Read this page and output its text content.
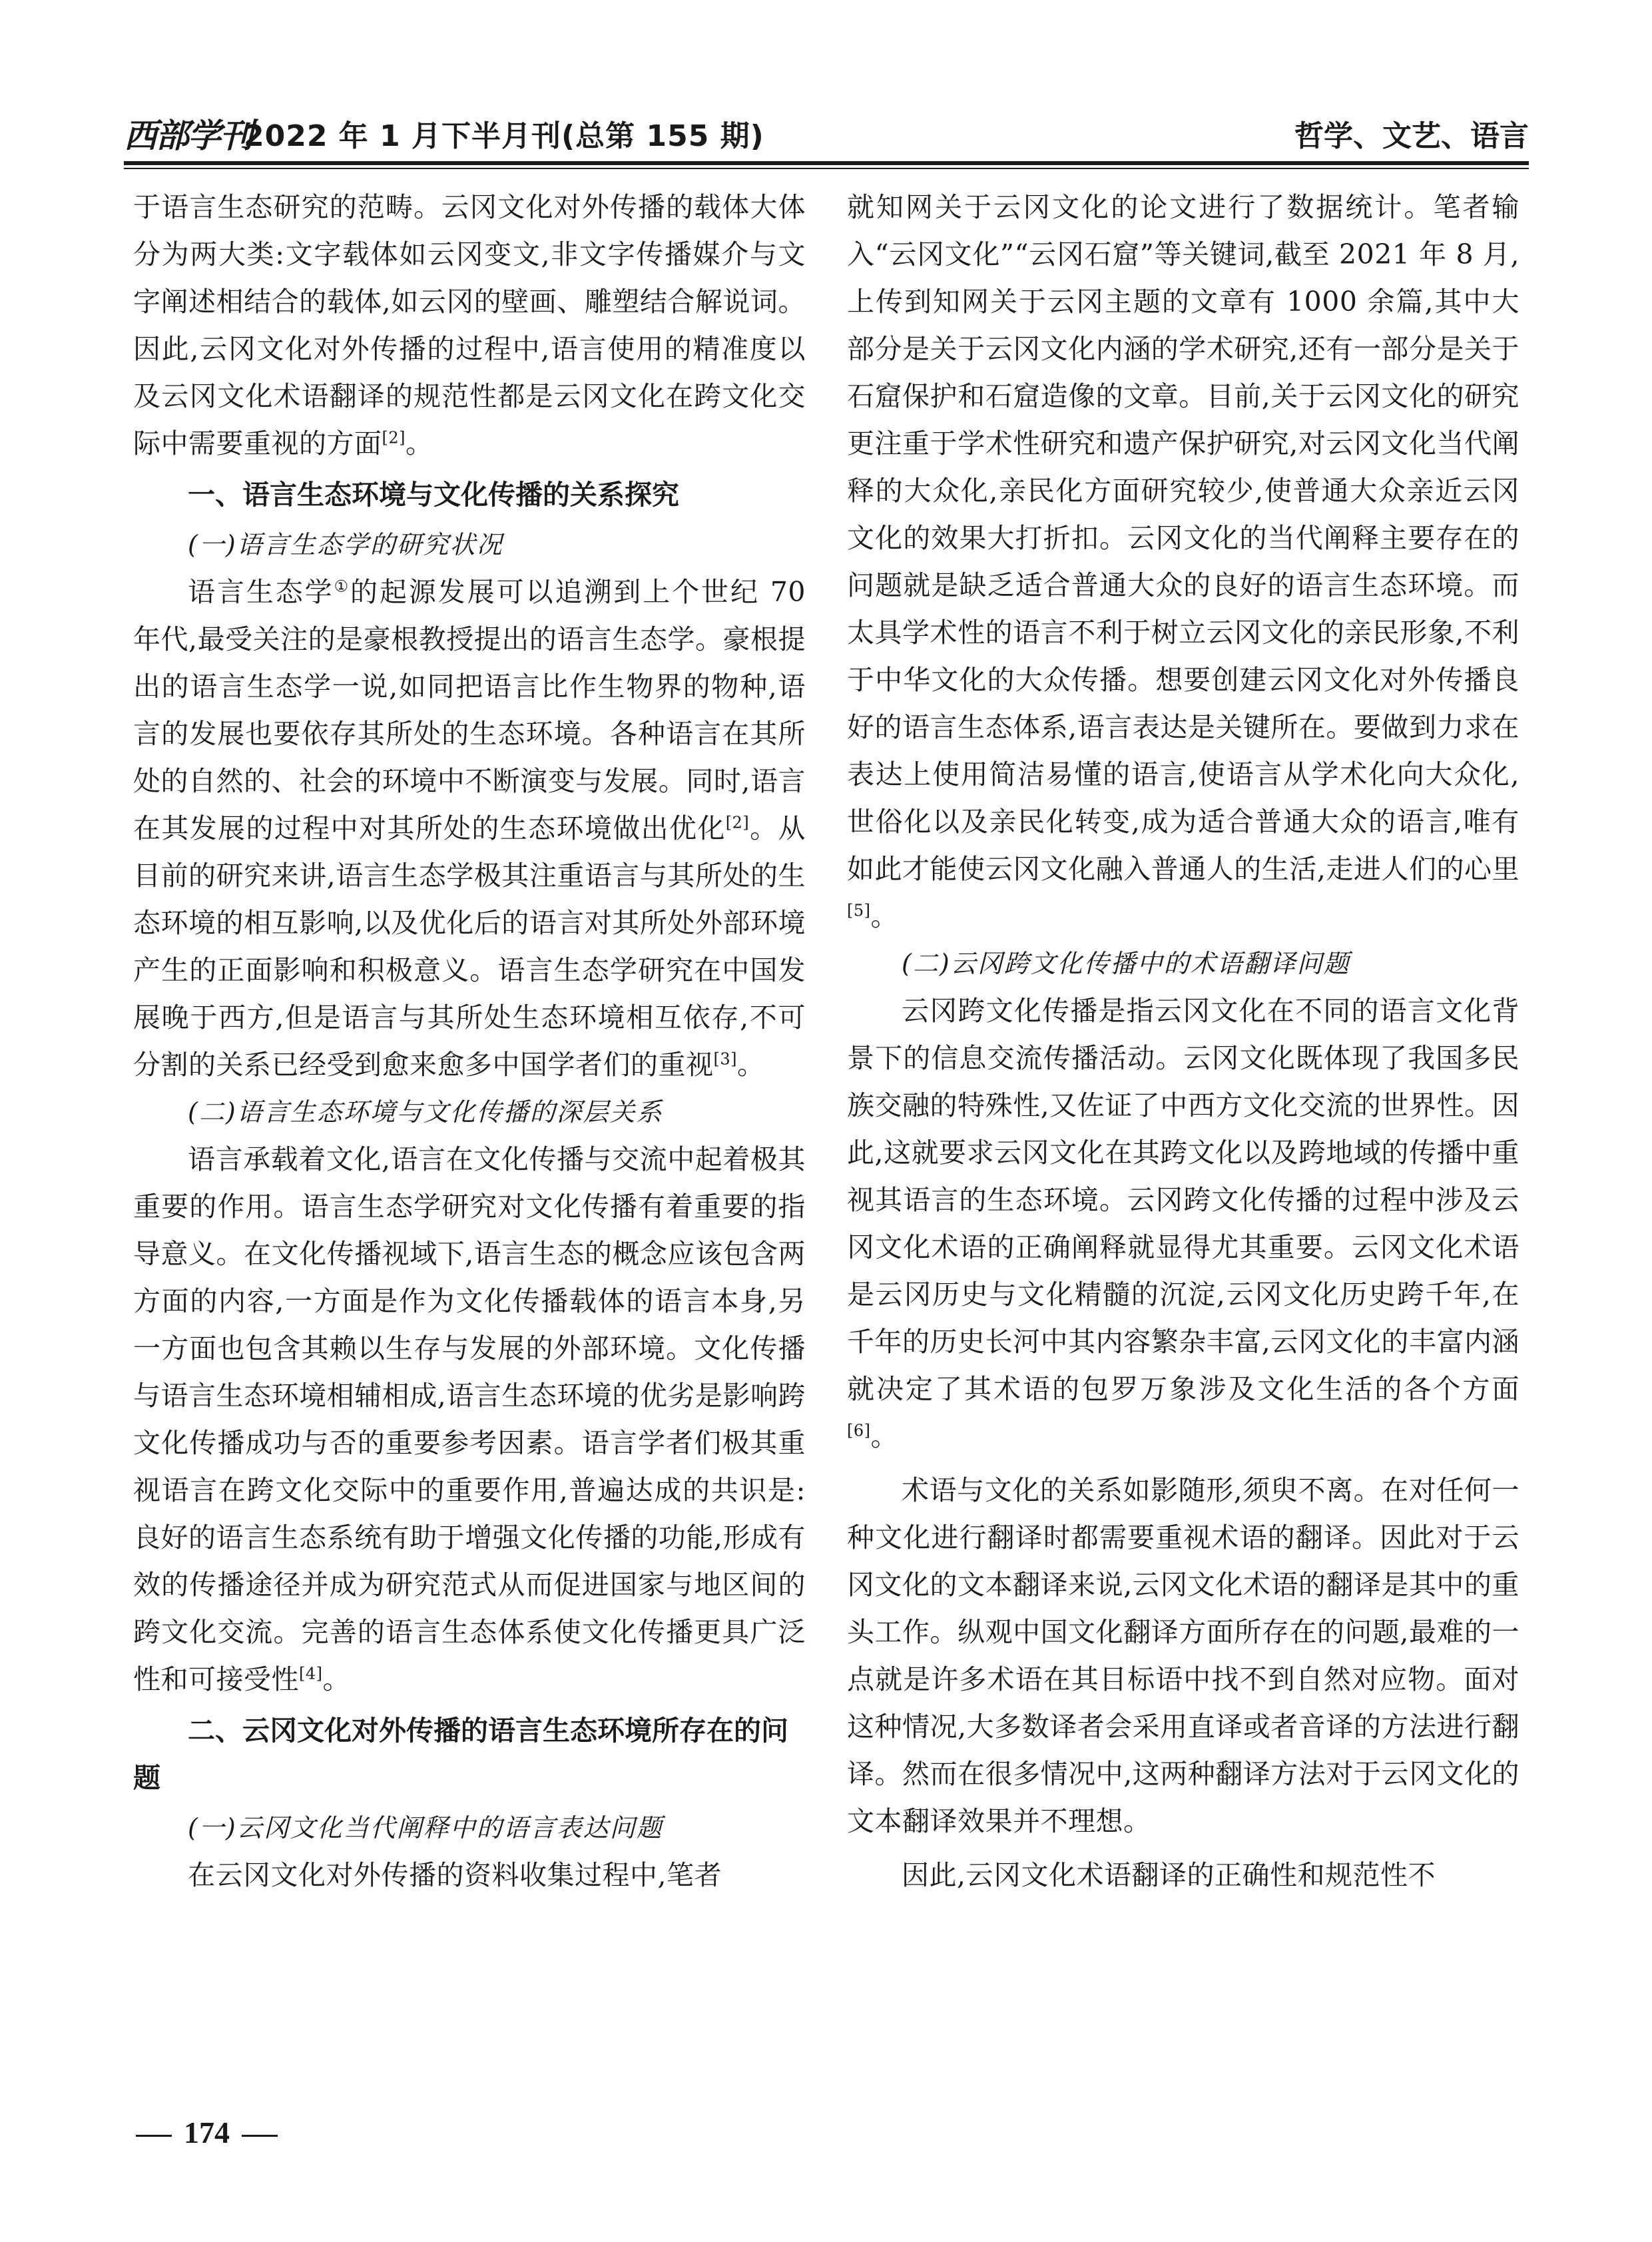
西部学刊
2022 年 1 月下半月刊(总第 155 期)	哲学、文艺、语言

于语言生态研究的范畴。云冈文化对外传播的载体大体分为两大类:文字载体如云冈变文,非文字传播媒介与文字阐述相结合的载体,如云冈的壁画、雕塑结合解说词。因此,云冈文化对外传播的过程中,语言使用的精准度以及云冈文化术语翻译的规范性都是云冈文化在跨文化交际中需要重视的方面[2]。

一、语言生态环境与文化传播的关系探究
(一)语言生态学的研究状况

语言生态学①的起源发展可以追溯到上个世纪 70 年代,最受关注的是豪根教授提出的语言生态学。豪根提出的语言生态学一说,如同把语言比作生物界的物种,语言的发展也要依存其所处的生态环境。各种语言在其所处的自然的、社会的环境中不断演变与发展。同时,语言在其发展的过程中对其所处的生态环境做出优化[2]。从目前的研究来讲,语言生态学极其注重语言与其所处的生态环境的相互影响,以及优化后的语言对其所处外部环境产生的正面影响和积极意义。语言生态学研究在中国发展晚于西方,但是语言与其所处生态环境相互依存,不可分割的关系已经受到愈来愈多中国学者们的重视[3]。

(二)语言生态环境与文化传播的深层关系

语言承载着文化,语言在文化传播与交流中起着极其重要的作用。语言生态学研究对文化传播有着重要的指导意义。在文化传播视域下,语言生态的概念应该包含两方面的内容,一方面是作为文化传播载体的语言本身,另一方面也包含其赖以生存与发展的外部环境。文化传播与语言生态环境相辅相成,语言生态环境的优劣是影响跨文化传播成功与否的重要参考因素。语言学者们极其重视语言在跨文化交际中的重要作用,普遍达成的共识是:良好的语言生态系统有助于增强文化传播的功能,形成有效的传播途径并成为研究范式从而促进国家与地区间的跨文化交流。完善的语言生态体系使文化传播更具广泛性和可接受性[4]。

二、云冈文化对外传播的语言生态环境所存在的问题
(一)云冈文化当代阐释中的语言表达问题

在云冈文化对外传播的资料收集过程中,笔者

就知网关于云冈文化的论文进行了数据统计。笔者输入“云冈文化”“云冈石窟”等关键词,截至 2021 年 8 月,上传到知网关于云冈主题的文章有 1000 余篇,其中大部分是关于云冈文化内涵的学术研究,还有一部分是关于石窟保护和石窟造像的文章。目前,关于云冈文化的研究更注重于学术性研究和遗产保护研究,对云冈文化当代阐释的大众化,亲民化方面研究较少,使普通大众亲近云冈文化的效果大打折扣。云冈文化的当代阐释主要存在的问题就是缺乏适合普通大众的良好的语言生态环境。而太具学术性的语言不利于树立云冈文化的亲民形象,不利于中华文化的大众传播。想要创建云冈文化对外传播良好的语言生态体系,语言表达是关键所在。要做到力求在表达上使用简洁易懂的语言,使语言从学术化向大众化,世俗化以及亲民化转变,成为适合普通大众的语言,唯有如此才能使云冈文化融入普通人的生活,走进人们的心里[5]。

(二)云冈跨文化传播中的术语翻译问题

云冈跨文化传播是指云冈文化在不同的语言文化背景下的信息交流传播活动。云冈文化既体现了我国多民族交融的特殊性,又佐证了中西方文化交流的世界性。因此,这就要求云冈文化在其跨文化以及跨地域的传播中重视其语言的生态环境。云冈跨文化传播的过程中涉及云冈文化术语的正确阐释就显得尤其重要。云冈文化术语是云冈历史与文化精髓的沉淀,云冈文化历史跨千年,在千年的历史长河中其内容繁杂丰富,云冈文化的丰富内涵就决定了其术语的包罗万象涉及文化生活的各个方面[6]。

术语与文化的关系如影随形,须臾不离。在对任何一种文化进行翻译时都需要重视术语的翻译。因此对于云冈文化的文本翻译来说,云冈文化术语的翻译是其中的重头工作。纵观中国文化翻译方面所存在的问题,最难的一点就是许多术语在其目标语中找不到自然对应物。面对这种情况,大多数译者会采用直译或者音译的方法进行翻译。然而在很多情况中,这两种翻译方法对于云冈文化的文本翻译效果并不理想。

因此,云冈文化术语翻译的正确性和规范性不

174
